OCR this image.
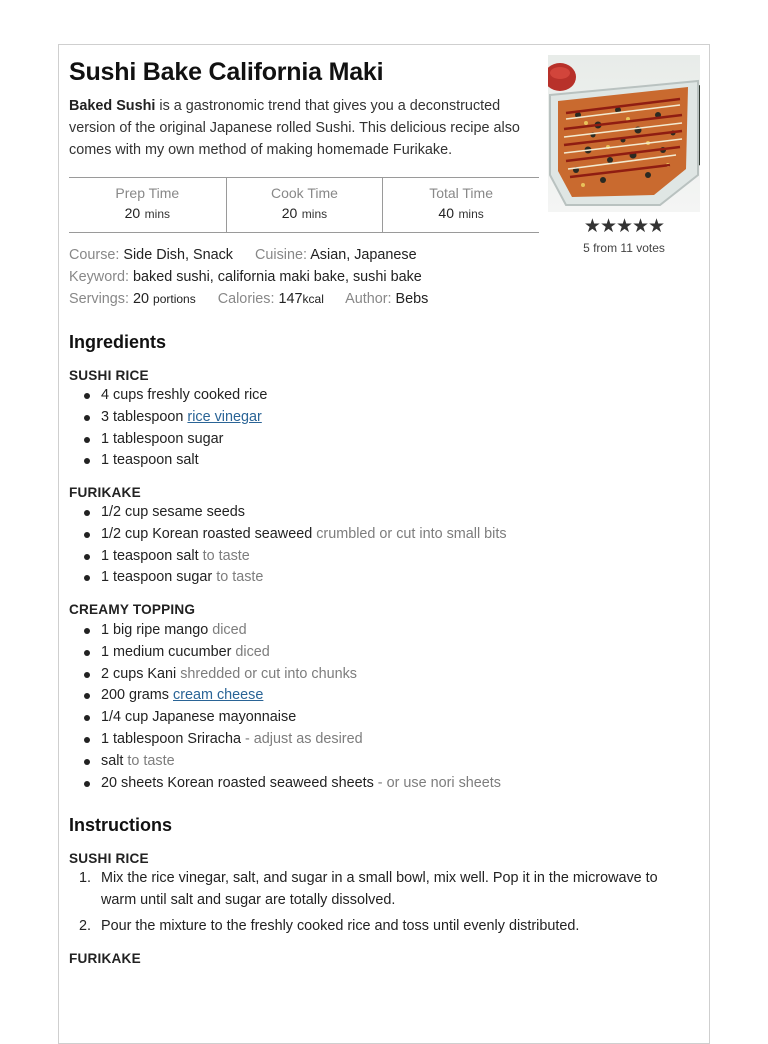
Sushi Bake California Maki
Baked Sushi is a gastronomic trend that gives you a deconstructed version of the original Japanese rolled Sushi. This delicious recipe also comes with my own method of making homemade Furikake.
★★★★★
5 from 11 votes
Prep Time
20 mins
Cook Time
20 mins
Total Time
40 mins
Course: Side Dish, Snack Cuisine: Asian, Japanese
Keyword: baked sushi, california maki bake, sushi bake
Servings: 20 portions Calories: 147kcal Author: Bebs
Ingredients
SUSHI RICE
4 cups freshly cooked rice
3 tablespoon rice vinegar
1 tablespoon sugar
1 teaspoon salt
FURIKAKE
1/2 cup sesame seeds
1/2 cup Korean roasted seaweed crumbled or cut into small bits
1 teaspoon salt to taste
1 teaspoon sugar to taste
CREAMY TOPPING
1 big ripe mango diced
1 medium cucumber diced
2 cups Kani shredded or cut into chunks
200 grams cream cheese
1/4 cup Japanese mayonnaise
1 tablespoon Sriracha - adjust as desired
salt to taste
20 sheets Korean roasted seaweed sheets - or use nori sheets
Instructions
SUSHI RICE
1. Mix the rice vinegar, salt, and sugar in a small bowl, mix well. Pop it in the microwave to warm until salt and sugar are totally dissolved.
2. Pour the mixture to the freshly cooked rice and toss until evenly distributed.
FURIKAKE
